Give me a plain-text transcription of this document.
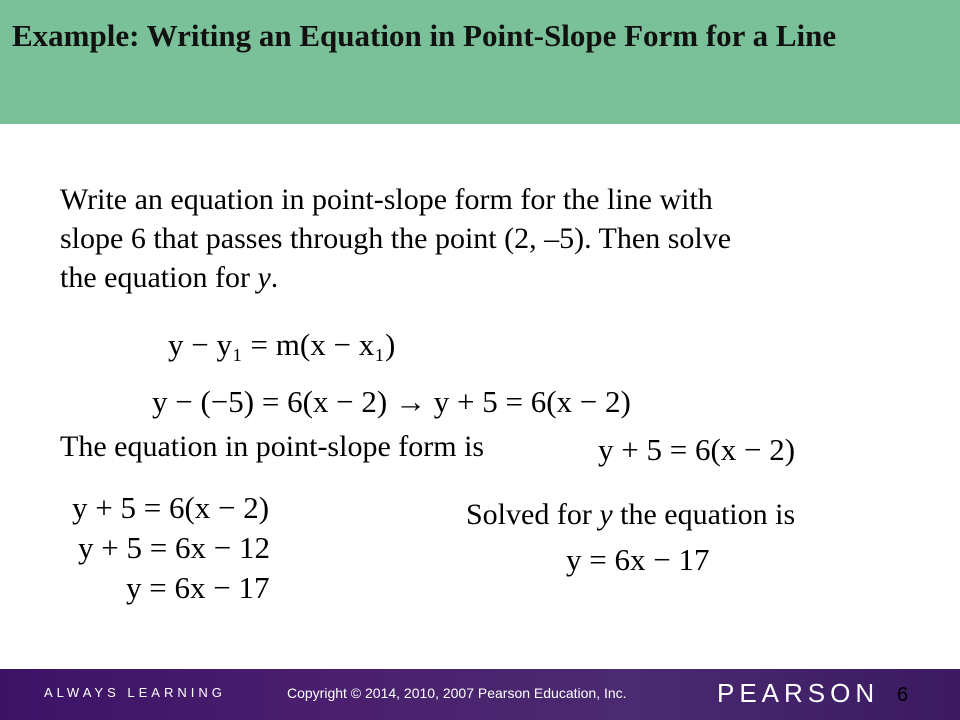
Example: Writing an Equation in Point-Slope Form for a Line
Write an equation in point-slope form for the line with
slope 6 that passes through the point (2, –5). Then solve
the equation for y.
y − y₁ = m(x − x₁)
y − (−5) = 6(x − 2) → y + 5 = 6(x − 2)
The equation in point-slope form is	y + 5 = 6(x − 2)
y + 5 = 6(x − 2)
y + 5 = 6x − 12
y = 6x − 17
Solved for y the equation is
y = 6x − 17
ALWAYS LEARNING	Copyright © 2014, 2010, 2007 Pearson Education, Inc.	PEARSON 6
